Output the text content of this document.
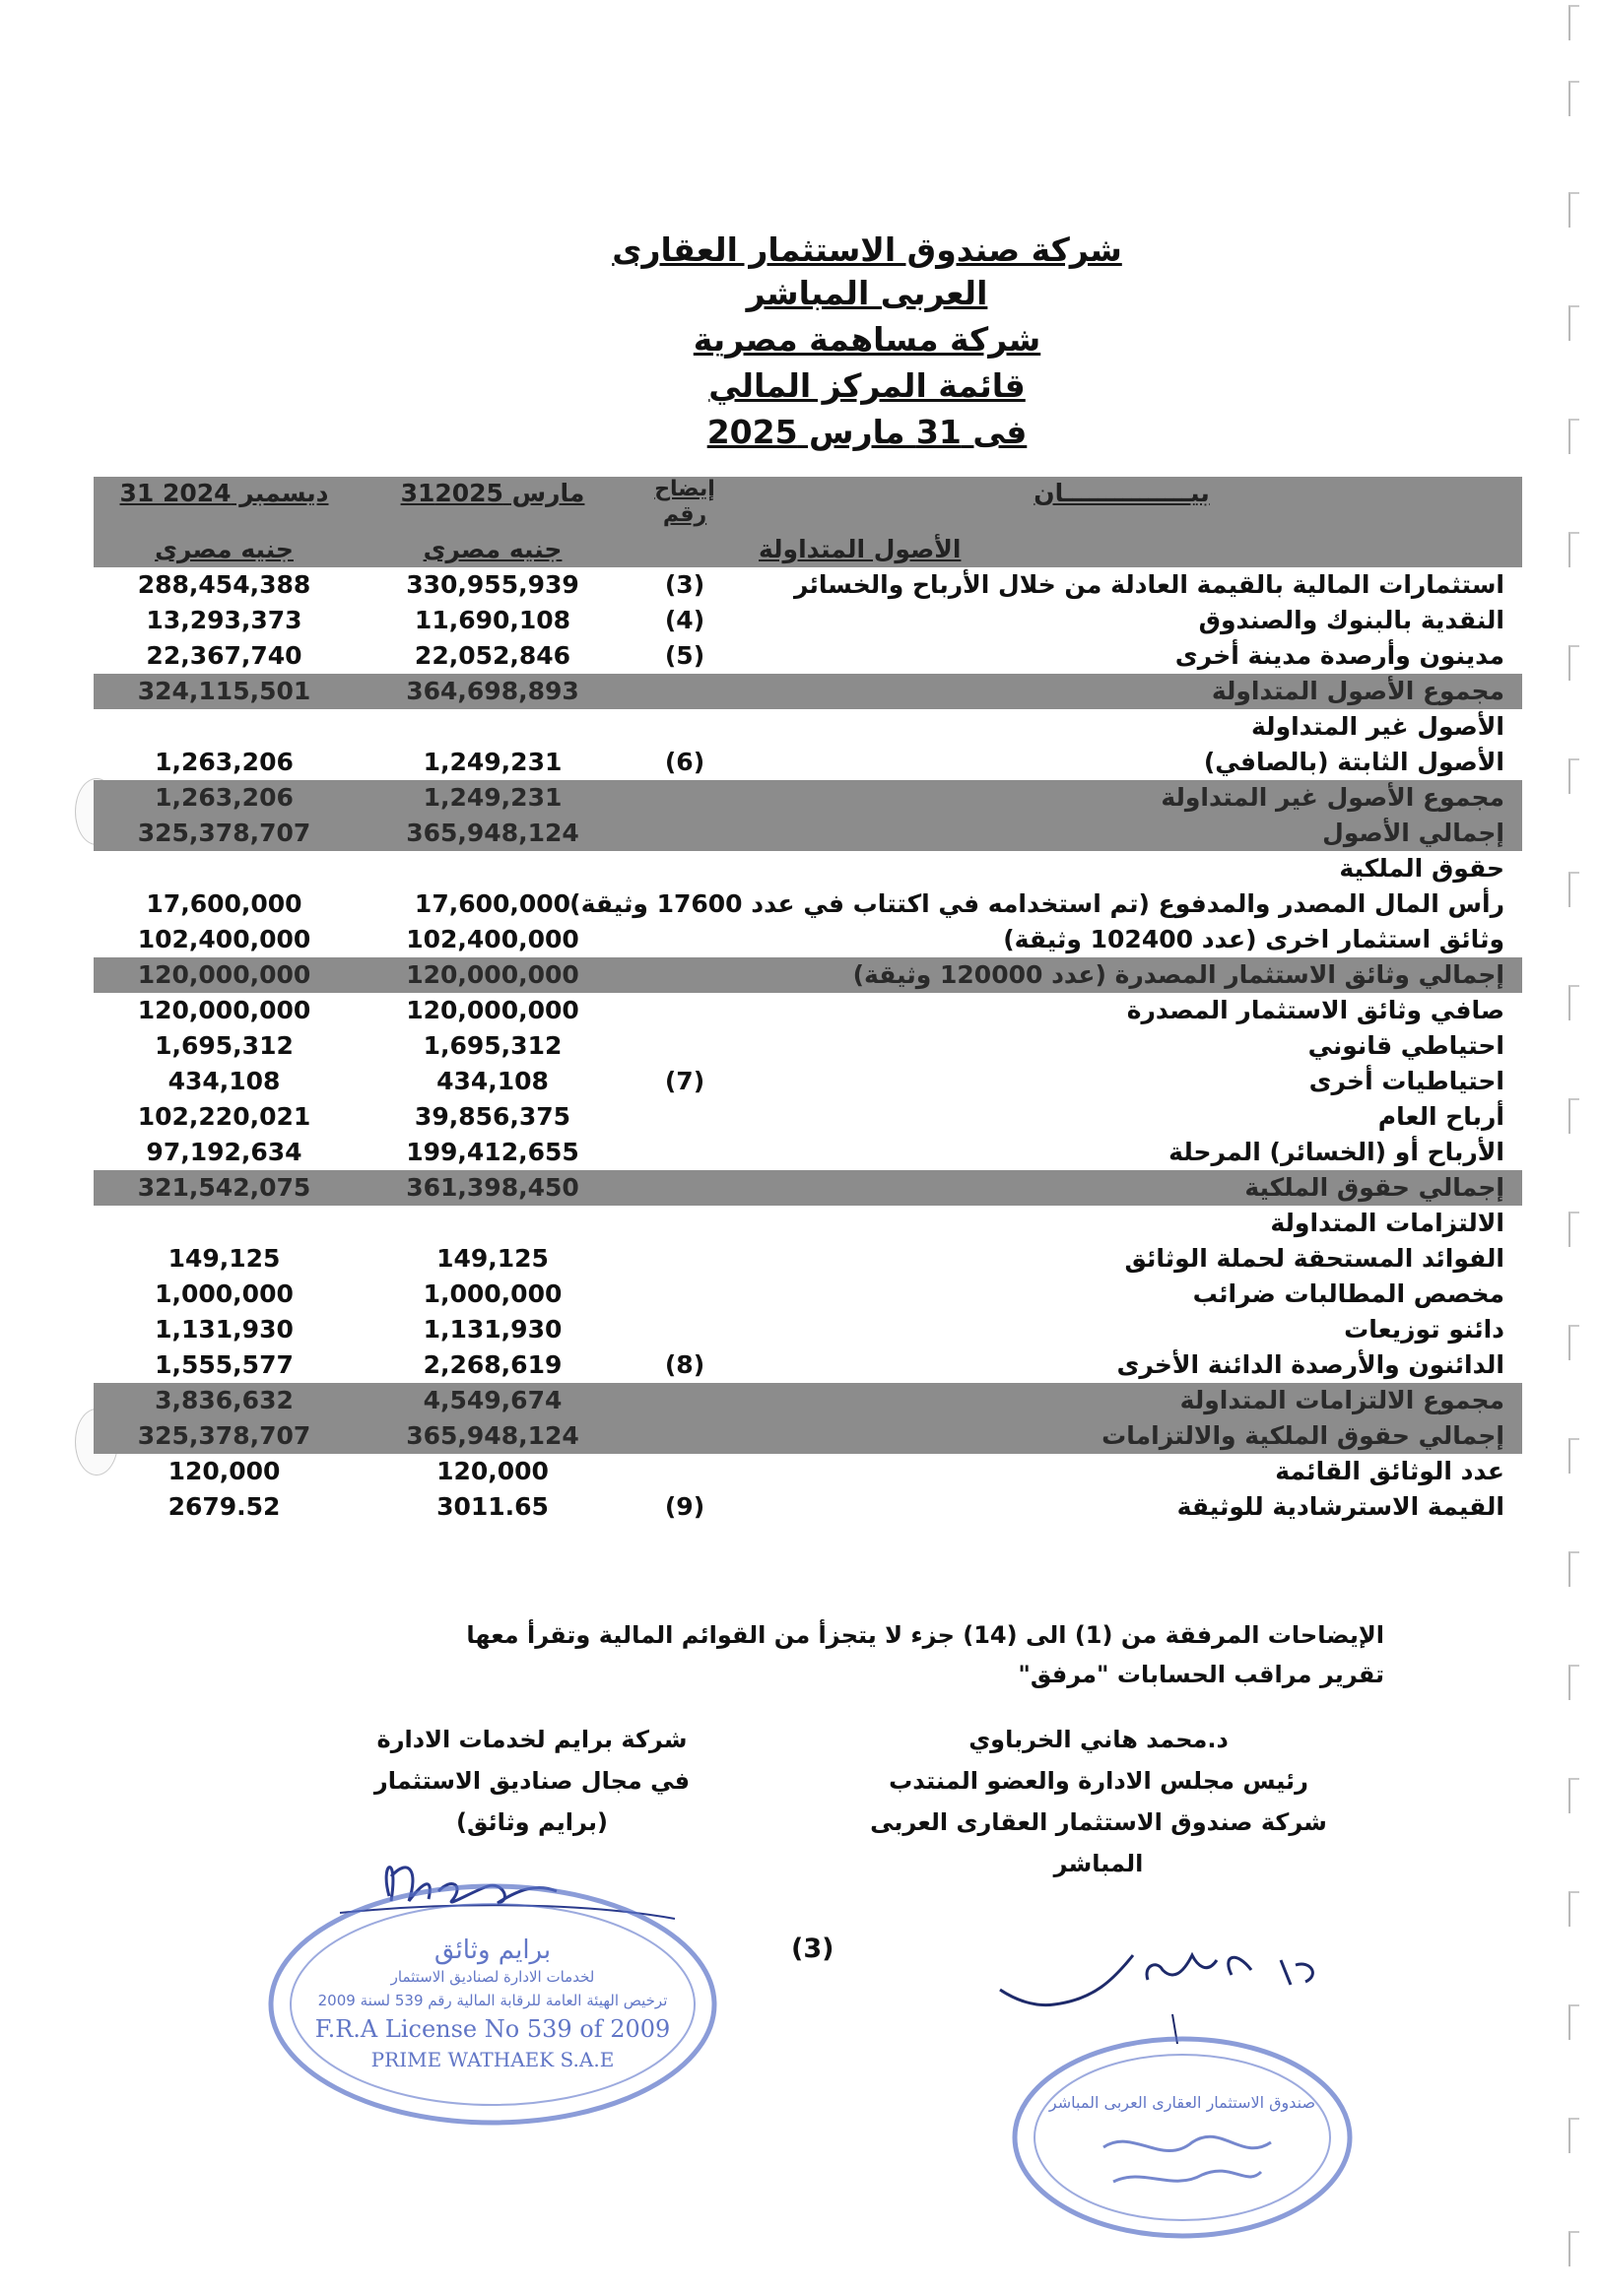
شركة صندوق الاستثمار العقارى العربى المباشر
شركة مساهمة مصرية
قائمة المركز المالي
فى 31 مارس 2025
بيـــــــــــــــان	إيضاح رقم	31مارس 2025	31 ديسمبر 2024
الأصول المتداولة		جنيه مصرى	جنيه مصرى
استثمارات المالية بالقيمة العادلة من خلال الأرباح والخسائر	(3)	330,955,939	288,454,388
النقدية بالبنوك والصندوق	(4)	11,690,108	13,293,373
مدينون وأرصدة مدينة أخرى	(5)	22,052,846	22,367,740
مجموع الأصول المتداولة		364,698,893	324,115,501
الأصول غير المتداولة			
الأصول الثابتة (بالصافي)	(6)	1,249,231	1,263,206
مجموع الأصول غير المتداولة		1,249,231	1,263,206
إجمالي الأصول		365,948,124	325,378,707
حقوق الملكية			
رأس المال المصدر والمدفوع (تم استخدامه في اكتتاب في عدد 17600 وثيقة)		17,600,000	17,600,000
وثائق استثمار اخرى (عدد 102400 وثيقة)		102,400,000	102,400,000
إجمالي وثائق الاستثمار المصدرة (عدد 120000 وثيقة)		120,000,000	120,000,000
صافي وثائق الاستثمار المصدرة		120,000,000	120,000,000
احتياطي قانوني		1,695,312	1,695,312
احتياطيات أخرى	(7)	434,108	434,108
أرباح العام		39,856,375	102,220,021
الأرباح أو (الخسائر) المرحلة		199,412,655	97,192,634
إجمالي حقوق الملكية		361,398,450	321,542,075
الالتزامات المتداولة			
الفوائد المستحقة لحملة الوثائق		149,125	149,125
مخصص المطالبات ضرائب		1,000,000	1,000,000
دائنو توزيعات		1,131,930	1,131,930
الدائنون والأرصدة الدائنة الأخرى	(8)	2,268,619	1,555,577
مجموع الالتزامات المتداولة		4,549,674	3,836,632
إجمالي حقوق الملكية والالتزامات		365,948,124	325,378,707
عدد الوثائق القائمة		120,000	120,000
القيمة الاسترشادية للوثيقة	(9)	3011.65	2679.52
الإيضاحات المرفقة من (1) الى (14) جزء لا يتجزأ من القوائم المالية وتقرأ معها
تقرير مراقب الحسابات "مرفق"
شركة برايم لخدمات الادارة
في مجال صناديق الاستثمار
(برايم وثائق)
د.محمد هاني الخرباوي
رئيس مجلس الادارة والعضو المنتدب
شركة صندوق الاستثمار العقارى العربى المباشر
(3)
برايم وثائق
لخدمات الادارة لصناديق الاستثمار
ترخيص الهيئة العامة للرقابة المالية رقم 539 لسنة 2009
F.R.A License No 539 of 2009
PRIME WATHAEK S.A.E
صندوق الاستثمار العقارى العربى المباشر
